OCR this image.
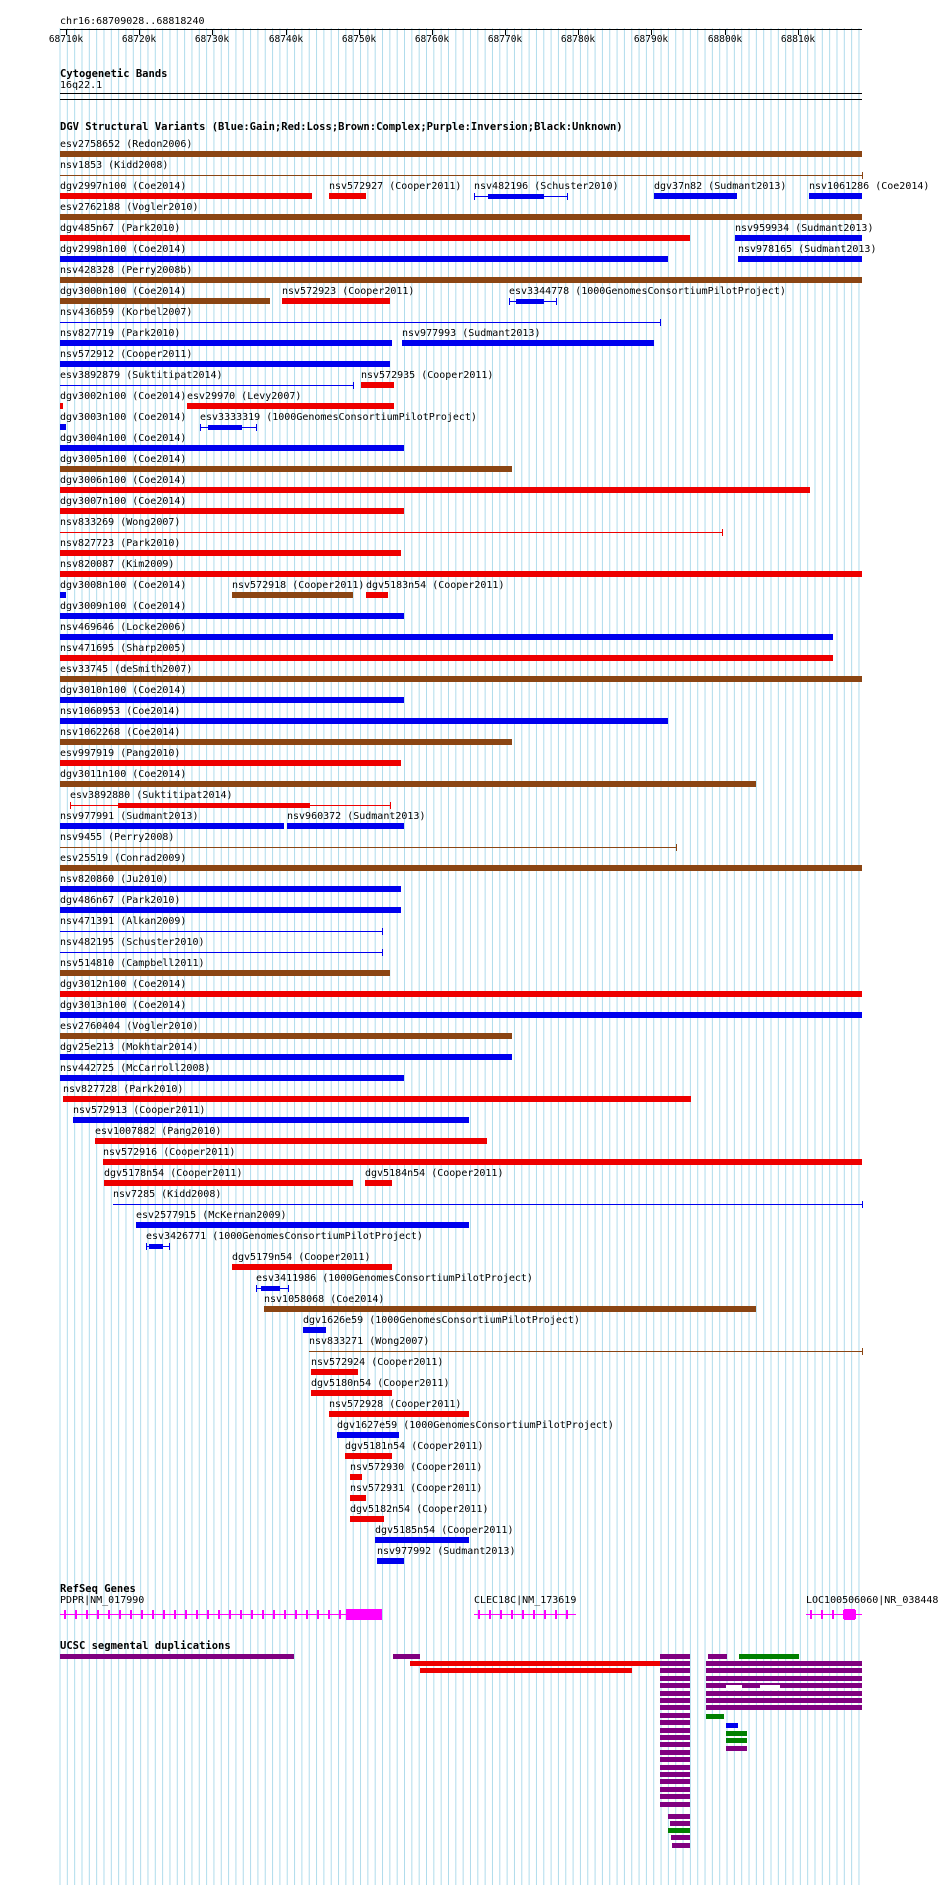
chr16:68709028..68818240
68710k	68720k	68730k	68740k	68750k	68760k	68770k	68780k	68790k	68800k	68810k
Cytogenetic Bands
16q22.1
DGV Structural Variants (Blue:Gain;Red:Loss;Brown:Complex;Purple:Inversion;Black:Unknown)
esv2758652 (Redon2006)
nsv1853 (Kidd2008)
dgv2997n100 (Coe2014)	nsv572927 (Cooper2011) nsv482196 (Schuster2010)	dgv37n82 (Sudmant2013) nsv1061286 (Coe2014)
esv2762188 (Vogler2010)
dgv485n67 (Park2010)	nsv959934 (Sudmant2013)
dgv2998n100 (Coe2014)	nsv978165 (Sudmant2013)
nsv428328 (Perry2008b)
dgv3000n100 (Coe2014)	nsv572923 (Cooper2011)	esv3344778 (1000GenomesConsortiumPilotProject)
nsv436059 (Korbel2007)
nsv827719 (Park2010)	nsv977993 (Sudmant2013)
nsv572912 (Cooper2011)
esv3892879 (Suktitipat2014)	nsv572935 (Cooper2011)
dgv3002n100 (Coe2014) esv29970 (Levy2007)
dgv3003n100 (Coe2014) esv3333319 (1000GenomesConsortiumPilotProject)
dgv3004n100 (Coe2014)
dgv3005n100 (Coe2014)
dgv3006n100 (Coe2014)
dgv3007n100 (Coe2014)
nsv833269 (Wong2007)
nsv827723 (Park2010)
nsv820087 (Kim2009)
dgv3008n100 (Coe2014)	nsv572918 (Cooper2011) dgv5183n54 (Cooper2011)
dgv3009n100 (Coe2014)
nsv469646 (Locke2006)
nsv471695 (Sharp2005)
esv33745 (deSmith2007)
dgv3010n100 (Coe2014)
nsv1060953 (Coe2014)
nsv1062268 (Coe2014)
esv997919 (Pang2010)
dgv3011n100 (Coe2014)
esv3892880 (Suktitipat2014)
nsv977991 (Sudmant2013)	nsv960372 (Sudmant2013)
nsv9455 (Perry2008)
esv25519 (Conrad2009)
nsv820860 (Ju2010)
dgv486n67 (Park2010)
nsv471391 (Alkan2009)
nsv482195 (Schuster2010)
nsv514810 (Campbell2011)
dgv3012n100 (Coe2014)
dgv3013n100 (Coe2014)
esv2760404 (Vogler2010)
dgv25e213 (Mokhtar2014)
nsv442725 (McCarroll2008)
nsv827728 (Park2010)
nsv572913 (Cooper2011)
esv1007882 (Pang2010)
nsv572916 (Cooper2011)
dgv5178n54 (Cooper2011)	dgv5184n54 (Cooper2011)
nsv7285 (Kidd2008)
esv2577915 (McKernan2009)
esv3426771 (1000GenomesConsortiumPilotProject)
dgv5179n54 (Cooper2011)
esv3411986 (1000GenomesConsortiumPilotProject)
nsv1058068 (Coe2014)
dgv1626e59 (1000GenomesConsortiumPilotProject)
nsv833271 (Wong2007)
nsv572924 (Cooper2011)
dgv5180n54 (Cooper2011)
nsv572928 (Cooper2011)
dgv1627e59 (1000GenomesConsortiumPilotProject)
dgv5181n54 (Cooper2011)
nsv572930 (Cooper2011)
nsv572931 (Cooper2011)
dgv5182n54 (Cooper2011)
dgv5185n54 (Cooper2011)
nsv977992 (Sudmant2013)
RefSeq Genes
PDPR|NM_017990	CLEC18C|NM_173619	LOC100506060|NR_038448
UCSC segmental duplications
